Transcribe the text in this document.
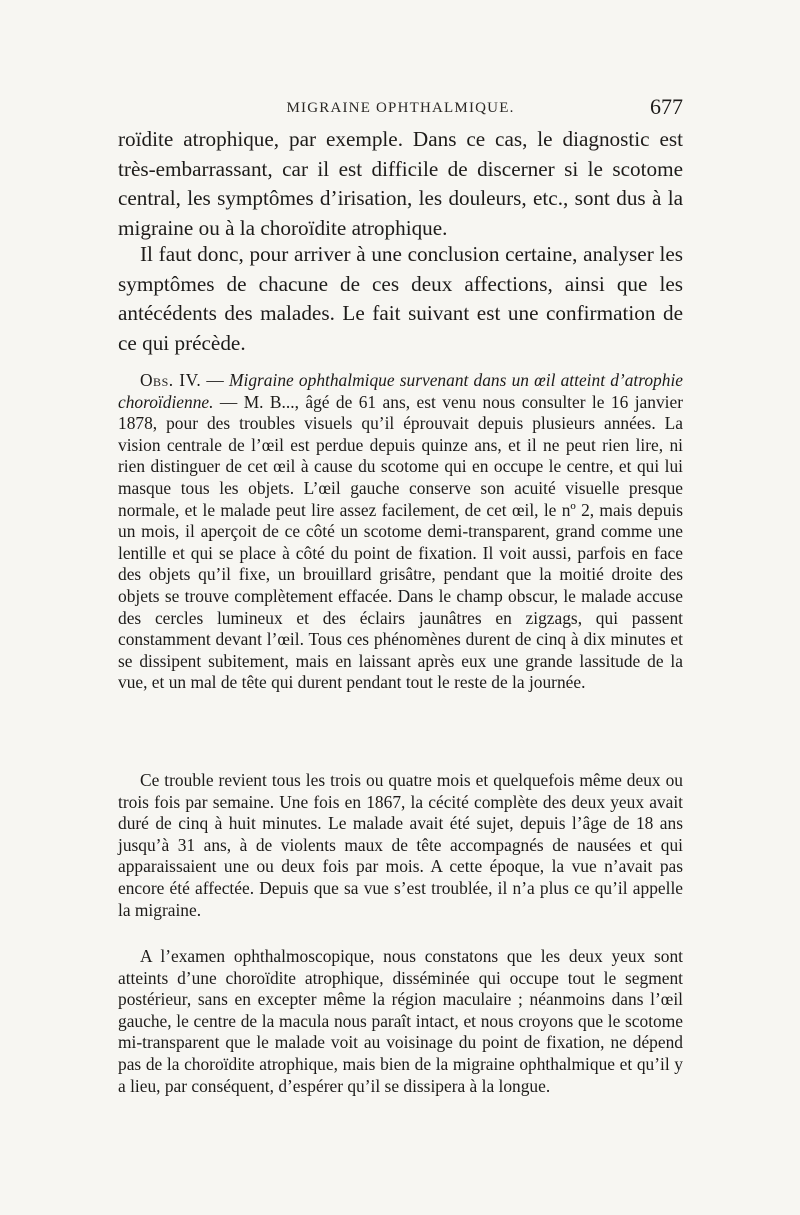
MIGRAINE OPHTHALMIQUE.	677

roïdite atrophique, par exemple. Dans ce cas, le diagnostic est très-embarrassant, car il est difficile de discerner si le scotome central, les symptômes d’irisation, les douleurs, etc., sont dus à la migraine ou à la choroïdite atrophique.

Il faut donc, pour arriver à une conclusion certaine, analyser les symptômes de chacune de ces deux affections, ainsi que les antécédents des malades. Le fait suivant est une confirmation de ce qui précède.

Obs. IV. — Migraine ophthalmique survenant dans un œil atteint d’atrophie choroïdienne. — M. B..., âgé de 61 ans, est venu nous consulter le 16 janvier 1878, pour des troubles visuels qu’il éprouvait depuis plusieurs années. La vision centrale de l’œil est perdue depuis quinze ans, et il ne peut rien lire, ni rien distinguer de cet œil à cause du scotome qui en occupe le centre, et qui lui masque tous les objets. L’œil gauche conserve son acuité visuelle presque normale, et le malade peut lire assez facilement, de cet œil, le nº 2, mais depuis un mois, il aperçoit de ce côté un scotome demi-transparent, grand comme une lentille et qui se place à côté du point de fixation. Il voit aussi, parfois en face des objets qu’il fixe, un brouillard grisâtre, pendant que la moitié droite des objets se trouve complètement effacée. Dans le champ obscur, le malade accuse des cercles lumineux et des éclairs jaunâtres en zigzags, qui passent constamment devant l’œil. Tous ces phénomènes durent de cinq à dix minutes et se dissipent subitement, mais en laissant après eux une grande lassitude de la vue, et un mal de tête qui durent pendant tout le reste de la journée.

Ce trouble revient tous les trois ou quatre mois et quelquefois même deux ou trois fois par semaine. Une fois en 1867, la cécité complète des deux yeux avait duré de cinq à huit minutes. Le malade avait été sujet, depuis l’âge de 18 ans jusqu’à 31 ans, à de violents maux de tête accompagnés de nausées et qui apparaissaient une ou deux fois par mois. A cette époque, la vue n’avait pas encore été affectée. Depuis que sa vue s’est troublée, il n’a plus ce qu’il appelle la migraine.

A l’examen ophthalmoscopique, nous constatons que les deux yeux sont atteints d’une choroïdite atrophique, disséminée qui occupe tout le segment postérieur, sans en excepter même la région maculaire ; néanmoins dans l’œil gauche, le centre de la macula nous paraît intact, et nous croyons que le scotome mi-transparent que le malade voit au voisinage du point de fixation, ne dépend pas de la choroïdite atrophique, mais bien de la migraine ophthalmique et qu’il y a lieu, par conséquent, d’espérer qu’il se dissipera à la longue.
